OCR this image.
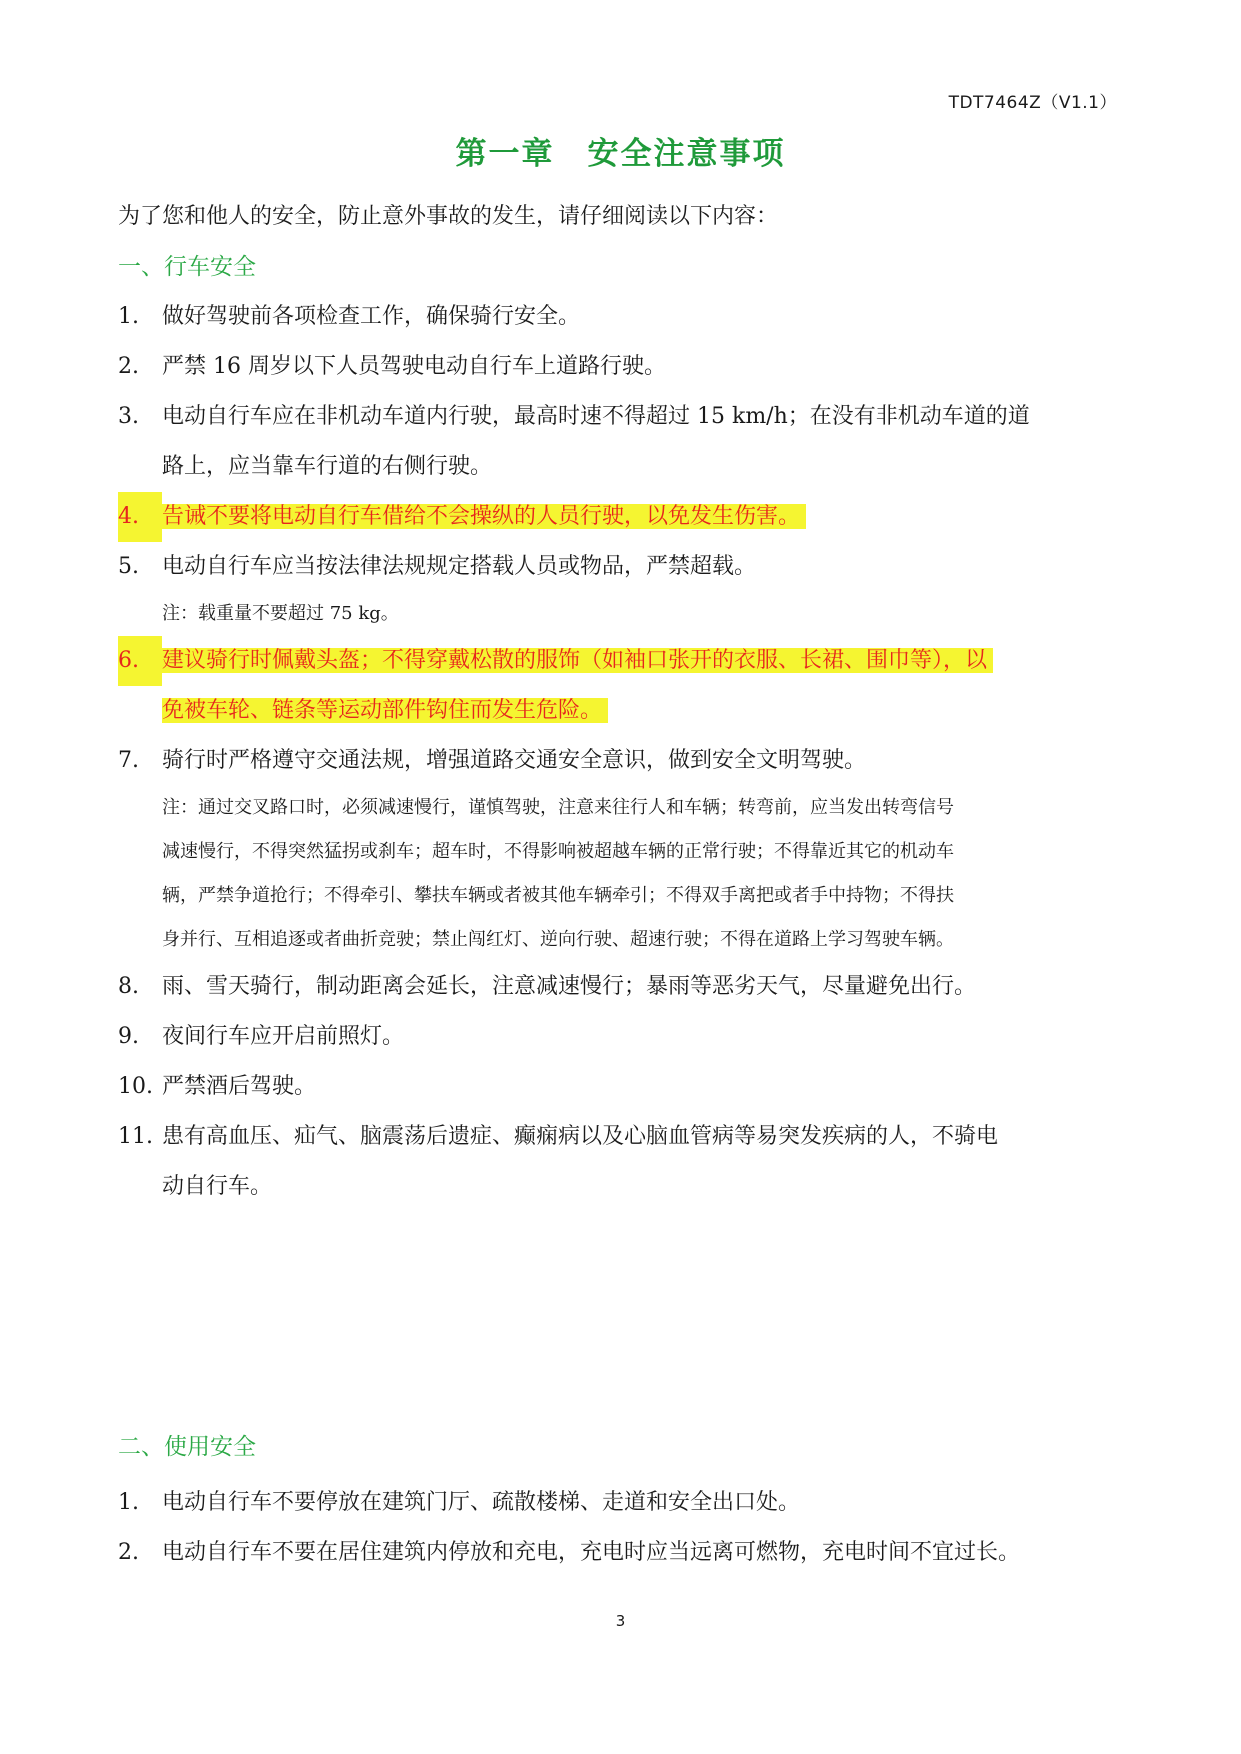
TDT7464Z（V1.1）
第一章　安全注意事项
为了您和他人的安全，防止意外事故的发生，请仔细阅读以下内容：
一、行车安全
1.	做好驾驶前各项检查工作，确保骑行安全。
2.	严禁 16 周岁以下人员驾驶电动自行车上道路行驶。
3.	电动自行车应在非机动车道内行驶，最高时速不得超过 15 km/h；在没有非机动车道的道
路上，应当靠车行道的右侧行驶。
4.	告诫不要将电动自行车借给不会操纵的人员行驶，以免发生伤害。
5.	电动自行车应当按法律法规规定搭载人员或物品，严禁超载。
注：载重量不要超过 75 kg。
6.	建议骑行时佩戴头盔；不得穿戴松散的服饰（如袖口张开的衣服、长裙、围巾等），以
免被车轮、链条等运动部件钩住而发生危险。
7.	骑行时严格遵守交通法规，增强道路交通安全意识，做到安全文明驾驶。
注：通过交叉路口时，必须减速慢行，谨慎驾驶，注意来往行人和车辆；转弯前，应当发出转弯信号
减速慢行，不得突然猛拐或刹车；超车时，不得影响被超越车辆的正常行驶；不得靠近其它的机动车
辆，严禁争道抢行；不得牵引、攀扶车辆或者被其他车辆牵引；不得双手离把或者手中持物；不得扶
身并行、互相追逐或者曲折竞驶；禁止闯红灯、逆向行驶、超速行驶；不得在道路上学习驾驶车辆。
8.	雨、雪天骑行，制动距离会延长，注意减速慢行；暴雨等恶劣天气，尽量避免出行。
9.	夜间行车应开启前照灯。
10. 严禁酒后驾驶。
11. 患有高血压、疝气、脑震荡后遗症、癫痫病以及心脑血管病等易突发疾病的人，不骑电
动自行车。
二、使用安全
1.	电动自行车不要停放在建筑门厅、疏散楼梯、走道和安全出口处。
2.	电动自行车不要在居住建筑内停放和充电，充电时应当远离可燃物，充电时间不宜过长。
3
